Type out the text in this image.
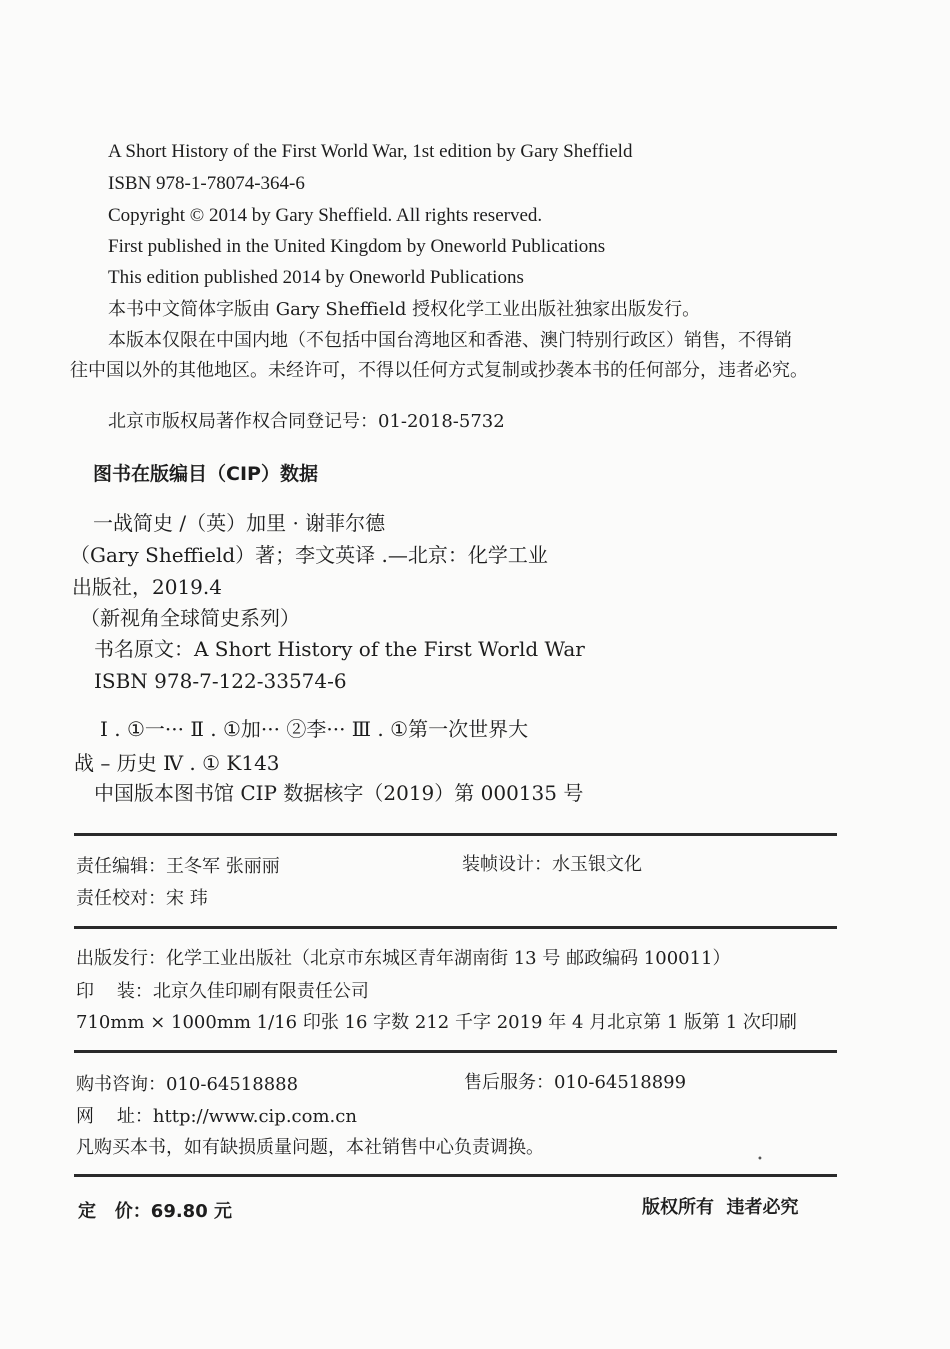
A Short History of the First World War, 1st edition by Gary Sheffield
ISBN 978-1-78074-364-6
Copyright © 2014 by Gary Sheffield. All rights reserved.
First published in the United Kingdom by Oneworld Publications
This edition published 2014 by Oneworld Publications
本书中文简体字版由 Gary Sheffield 授权化学工业出版社独家出版发行。
本版本仅限在中国内地（不包括中国台湾地区和香港、澳门特别行政区）销售，不得销
往中国以外的其他地区。未经许可，不得以任何方式复制或抄袭本书的任何部分，违者必究。
北京市版权局著作权合同登记号：01-2018-5732
图书在版编目（CIP）数据
一战简史 /（英）加里 · 谢菲尔德
（Gary Sheffield）著；李文英译 .—北京：化学工业
出版社，2019.4
（新视角全球简史系列）
书名原文：A Short History of the First World War
ISBN 978-7-122-33574-6
Ⅰ . ①一··· Ⅱ . ①加··· ②李··· Ⅲ . ①第一次世界大
战 – 历史 Ⅳ . ① K143
中国版本图书馆 CIP 数据核字（2019）第 000135 号
责任编辑：王冬军 张丽丽	装帧设计：水玉银文化
责任校对：宋 玮
出版发行：化学工业出版社（北京市东城区青年湖南街 13 号 邮政编码 100011）
印    装：北京久佳印刷有限责任公司
710mm × 1000mm 1/16 印张 16 字数 212 千字 2019 年 4 月北京第 1 版第 1 次印刷
购书咨询：010-64518888	售后服务：010-64518899
网    址：http://www.cip.com.cn
凡购买本书，如有缺损质量问题，本社销售中心负责调换。
•
定   价：69.80 元	版权所有  违者必究
